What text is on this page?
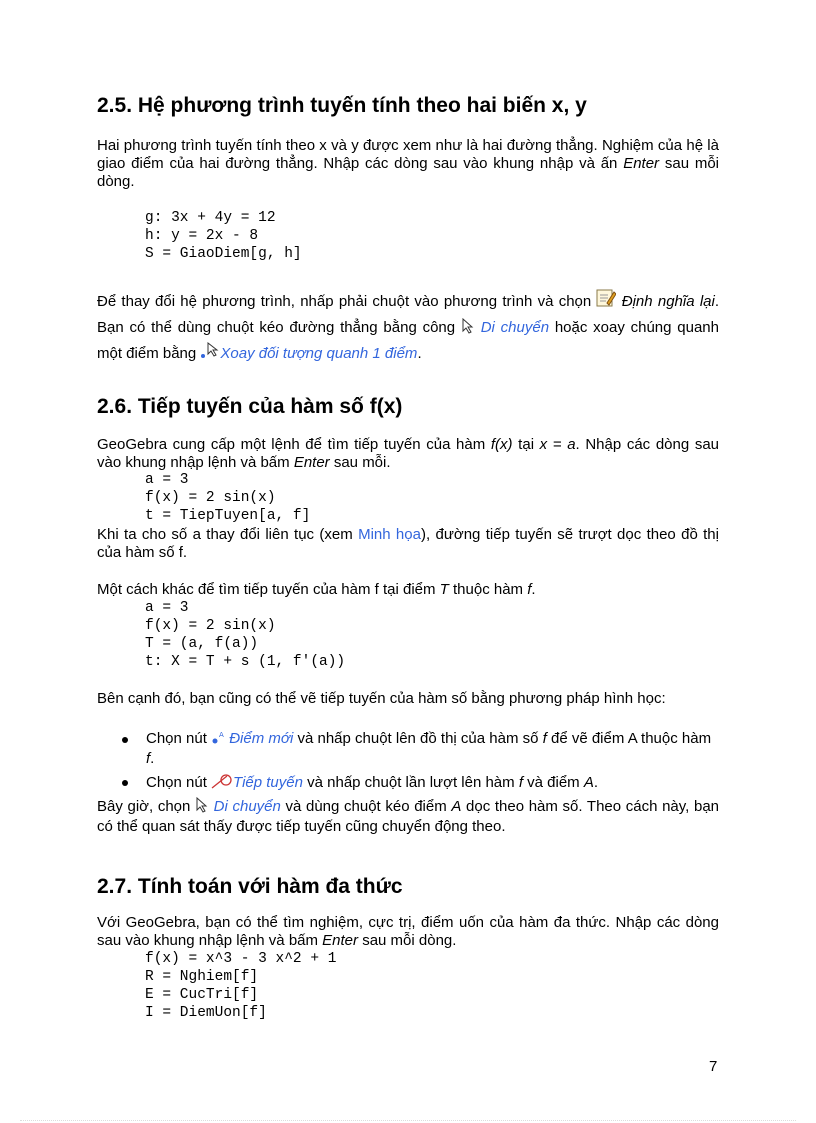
2.5. Hệ phương trình tuyến tính theo hai biến x, y
Hai phương trình tuyến tính theo x và y được xem như là hai đường thẳng. Nghiệm của hệ là giao điểm của hai đường thẳng. Nhập các dòng sau vào khung nhập và ấn Enter sau mỗi dòng.
g: 3x + 4y = 12
h: y = 2x - 8
S = GiaoDiem[g, h]
Để thay đổi hệ phương trình, nhấp phải chuột vào phương trình và chọn  Định nghĩa lại. Bạn có thể dùng chuột kéo đường thẳng bằng công  Di chuyển hoặc xoay chúng quanh một điểm bằng Xoay đối tượng quanh 1 điểm.
2.6. Tiếp tuyến của hàm số f(x)
GeoGebra cung cấp một lệnh để tìm tiếp tuyến của hàm f(x) tại x = a. Nhập các dòng sau vào khung nhập lệnh và bấm Enter sau mỗi.
a = 3
f(x) = 2 sin(x)
t = TiepTuyen[a, f]
Khi ta cho số a thay đổi liên tục (xem Minh họa), đường tiếp tuyến sẽ trượt dọc theo đồ thị của hàm số f.
Một cách khác để tìm tiếp tuyến của hàm f tại điểm T thuộc hàm f.
a = 3
f(x) = 2 sin(x)
T = (a, f(a))
t: X = T + s (1, f'(a))
Bên cạnh đó, bạn cũng có thể vẽ tiếp tuyến của hàm số bằng phương pháp hình học:
Chọn nút A Điểm mới và nhấp chuột lên đồ thị của hàm số f để vẽ điểm A thuộc hàm f.
Chọn nút Tiếp tuyến và nhấp chuột lần lượt lên hàm f và điểm A.
Bây giờ, chọn  Di chuyển và dùng chuột kéo điểm A dọc theo hàm số. Theo cách này, bạn có thể quan sát thấy được tiếp tuyến cũng chuyển động theo.
2.7. Tính toán với hàm đa thức
Với GeoGebra, bạn có thể tìm nghiệm, cực trị, điểm uốn của hàm đa thức. Nhập các dòng sau vào khung nhập lệnh và bấm Enter sau mỗi dòng.
f(x) = x^3 - 3 x^2 + 1
R = Nghiem[f]
E = CucTri[f]
I = DiemUon[f]
7
